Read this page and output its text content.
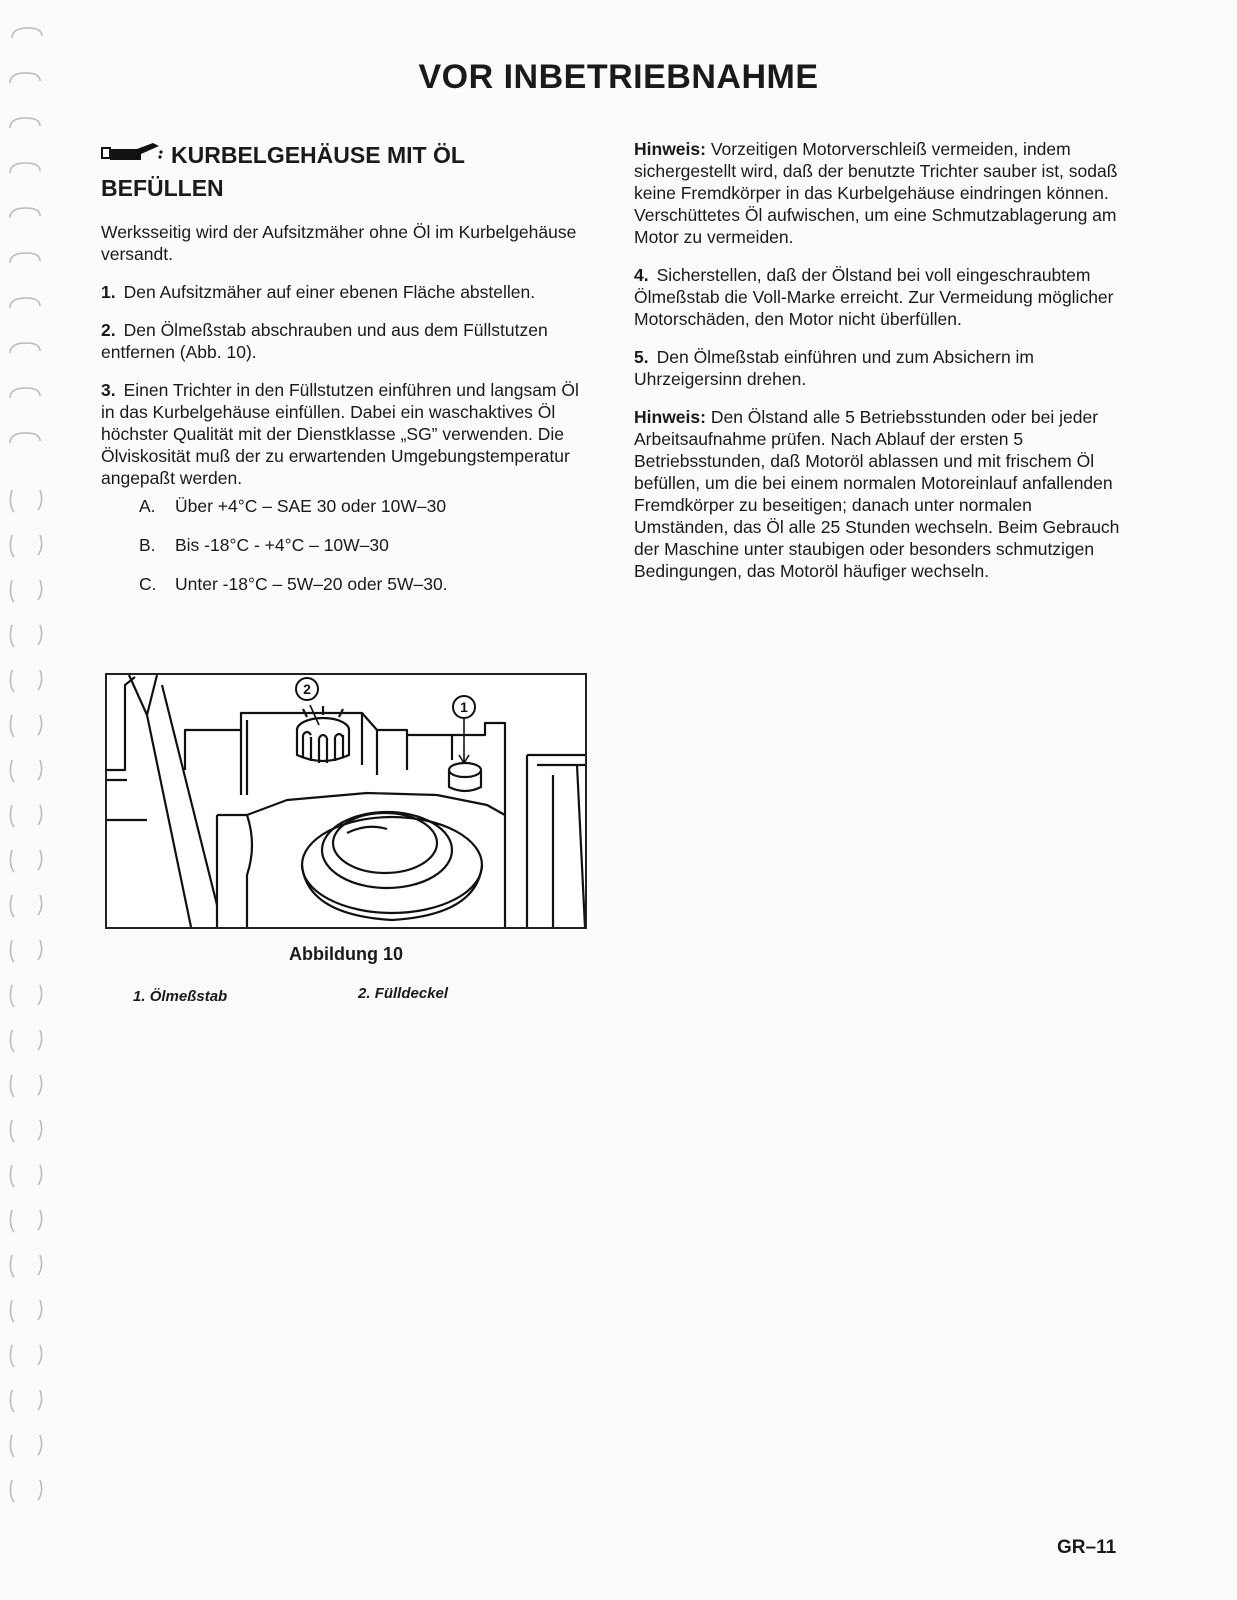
VOR INBETRIEBNAHME
KURBELGEHÄUSE MIT ÖL BEFÜLLEN

Werksseitig wird der Aufsitzmäher ohne Öl im Kurbelgehäuse versandt.

1. Den Aufsitzmäher auf einer ebenen Fläche abstellen.

2. Den Ölmeßstab abschrauben und aus dem Füllstutzen entfernen (Abb. 10).

3. Einen Trichter in den Füllstutzen einführen und langsam Öl in das Kurbelgehäuse einfüllen. Dabei ein waschaktives Öl höchster Qualität mit der Dienstklasse „SG” verwenden. Die Ölviskosität muß der zu erwartenden Umgebungstemperatur angepaßt werden.

A. Über +4°C – SAE 30 oder 10W–30
B. Bis -18°C - +4°C – 10W–30
C. Unter -18°C – 5W–20 oder 5W–30.
2
1
Abbildung 10
1. Ölmeßstab	2. Fülldeckel

Hinweis: Vorzeitigen Motorverschleiß vermeiden, indem sichergestellt wird, daß der benutzte Trichter sauber ist, sodaß keine Fremdkörper in das Kurbelgehäuse eindringen können. Verschüttetes Öl aufwischen, um eine Schmutzablagerung am Motor zu vermeiden.

4. Sicherstellen, daß der Ölstand bei voll eingeschraubtem Ölmeßstab die Voll-Marke erreicht. Zur Vermeidung möglicher Motorschäden, den Motor nicht überfüllen.

5. Den Ölmeßstab einführen und zum Absichern im Uhrzeigersinn drehen.

Hinweis: Den Ölstand alle 5 Betriebsstunden oder bei jeder Arbeitsaufnahme prüfen. Nach Ablauf der ersten 5 Betriebsstunden, daß Motoröl ablassen und mit frischem Öl befüllen, um die bei einem normalen Motoreinlauf anfallenden Fremdkörper zu beseitigen; danach unter normalen Umständen, das Öl alle 25 Stunden wechseln. Beim Gebrauch der Maschine unter staubigen oder besonders schmutzigen Bedingungen, das Motoröl häufiger wechseln.

GR–11
